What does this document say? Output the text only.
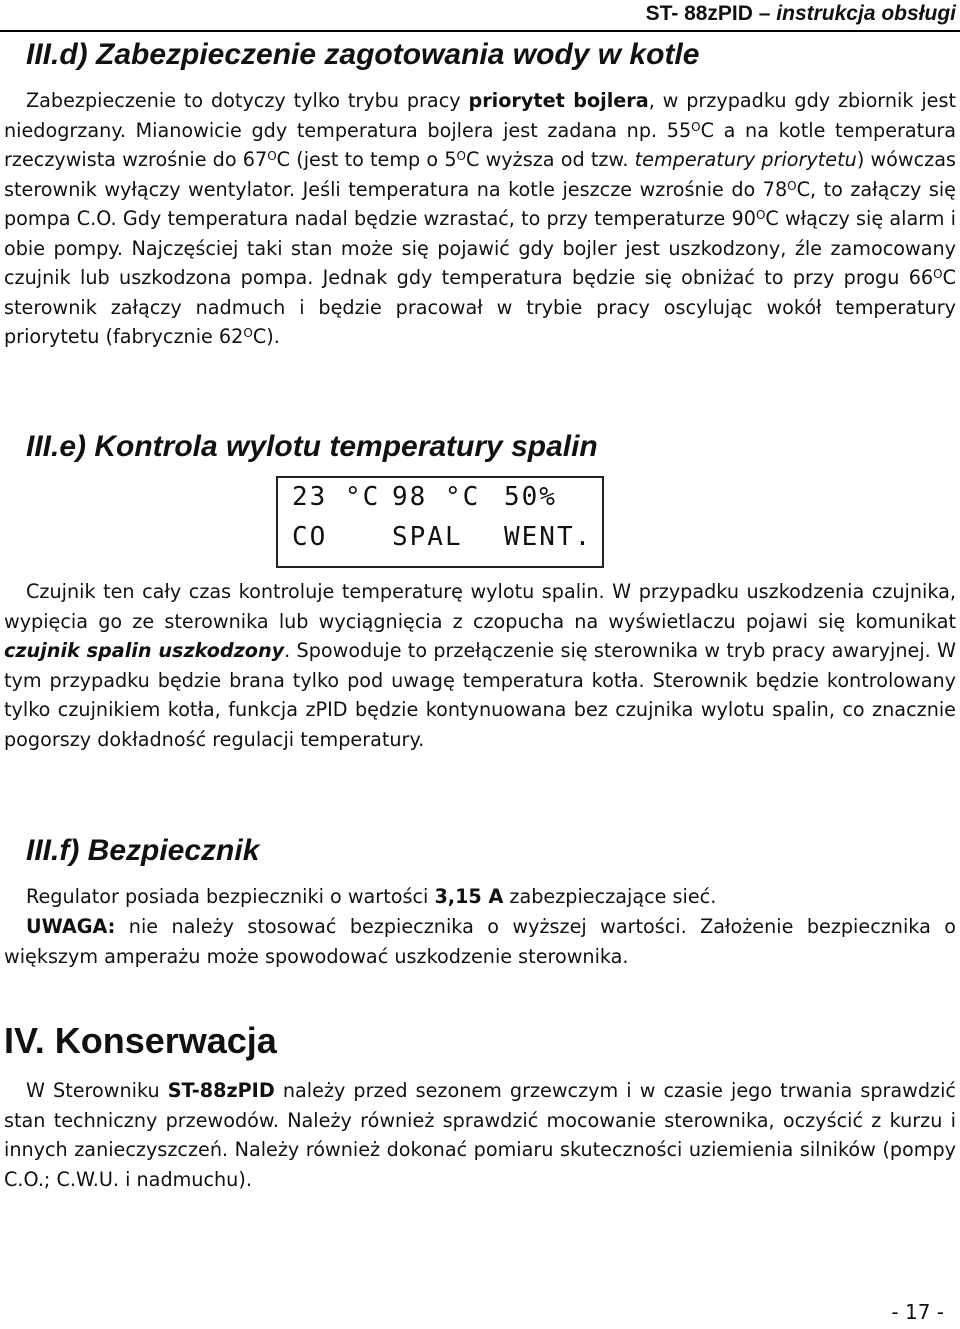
ST- 88zPID – instrukcja obsługi
III.d) Zabezpieczenie zagotowania wody w kotle

Zabezpieczenie to dotyczy tylko trybu pracy priorytet bojlera, w przypadku gdy zbiornik jest niedogrzany. Mianowicie gdy temperatura bojlera jest zadana np. $55^OC$ a na kotle temperatura rzeczywista wzrośnie do $67^OC$ (jest to temp o $5^OC$ wyższa od tzw. temperatury priorytetu) wówczas sterownik wyłączy wentylator. Jeśli temperatura na kotle jeszcze wzrośnie do $78^OC$, to załączy się pompa C.O. Gdy temperatura nadal będzie wzrastać, to przy temperaturze $90^OC$ włączy się alarm i obie pompy. Najczęściej taki stan może się pojawić gdy bojler jest uszkodzony, źle zamocowany czujnik lub uszkodzona pompa. Jednak gdy temperatura będzie się obniżać to przy progu $66^OC$ sterownik załączy nadmuch i będzie pracował w trybie pracy oscylując wokół temperatury priorytetu (fabrycznie $62^OC$).

III.e) Kontrola wylotu temperatury spalin
23 °C 98 °C 50%
CO SPAL WENT.

Czujnik ten cały czas kontroluje temperaturę wylotu spalin. W przypadku uszkodzenia czujnika, wypięcia go ze sterownika lub wyciągnięcia z czopucha na wyświetlaczu pojawi się komunikat czujnik spalin uszkodzony. Spowoduje to przełączenie się sterownika w tryb pracy awaryjnej. W tym przypadku będzie brana tylko pod uwagę temperatura kotła. Sterownik będzie kontrolowany tylko czujnikiem kotła, funkcja zPID będzie kontynuowana bez czujnika wylotu spalin, co znacznie pogorszy dokładność regulacji temperatury.

III.f) Bezpiecznik

Regulator posiada bezpieczniki o wartości 3,15 A zabezpieczające sieć.

UWAGA: nie należy stosować bezpiecznika o wyższej wartości. Założenie bezpiecznika o większym amperażu może spowodować uszkodzenie sterownika.

IV. Konserwacja

W Sterowniku ST-88zPID należy przed sezonem grzewczym i w czasie jego trwania sprawdzić stan techniczny przewodów. Należy również sprawdzić mocowanie sterownika, oczyścić z kurzu i innych zanieczyszczeń. Należy również dokonać pomiaru skuteczności uziemienia silników (pompy C.O.; C.W.U. i nadmuchu).

- 17 -
